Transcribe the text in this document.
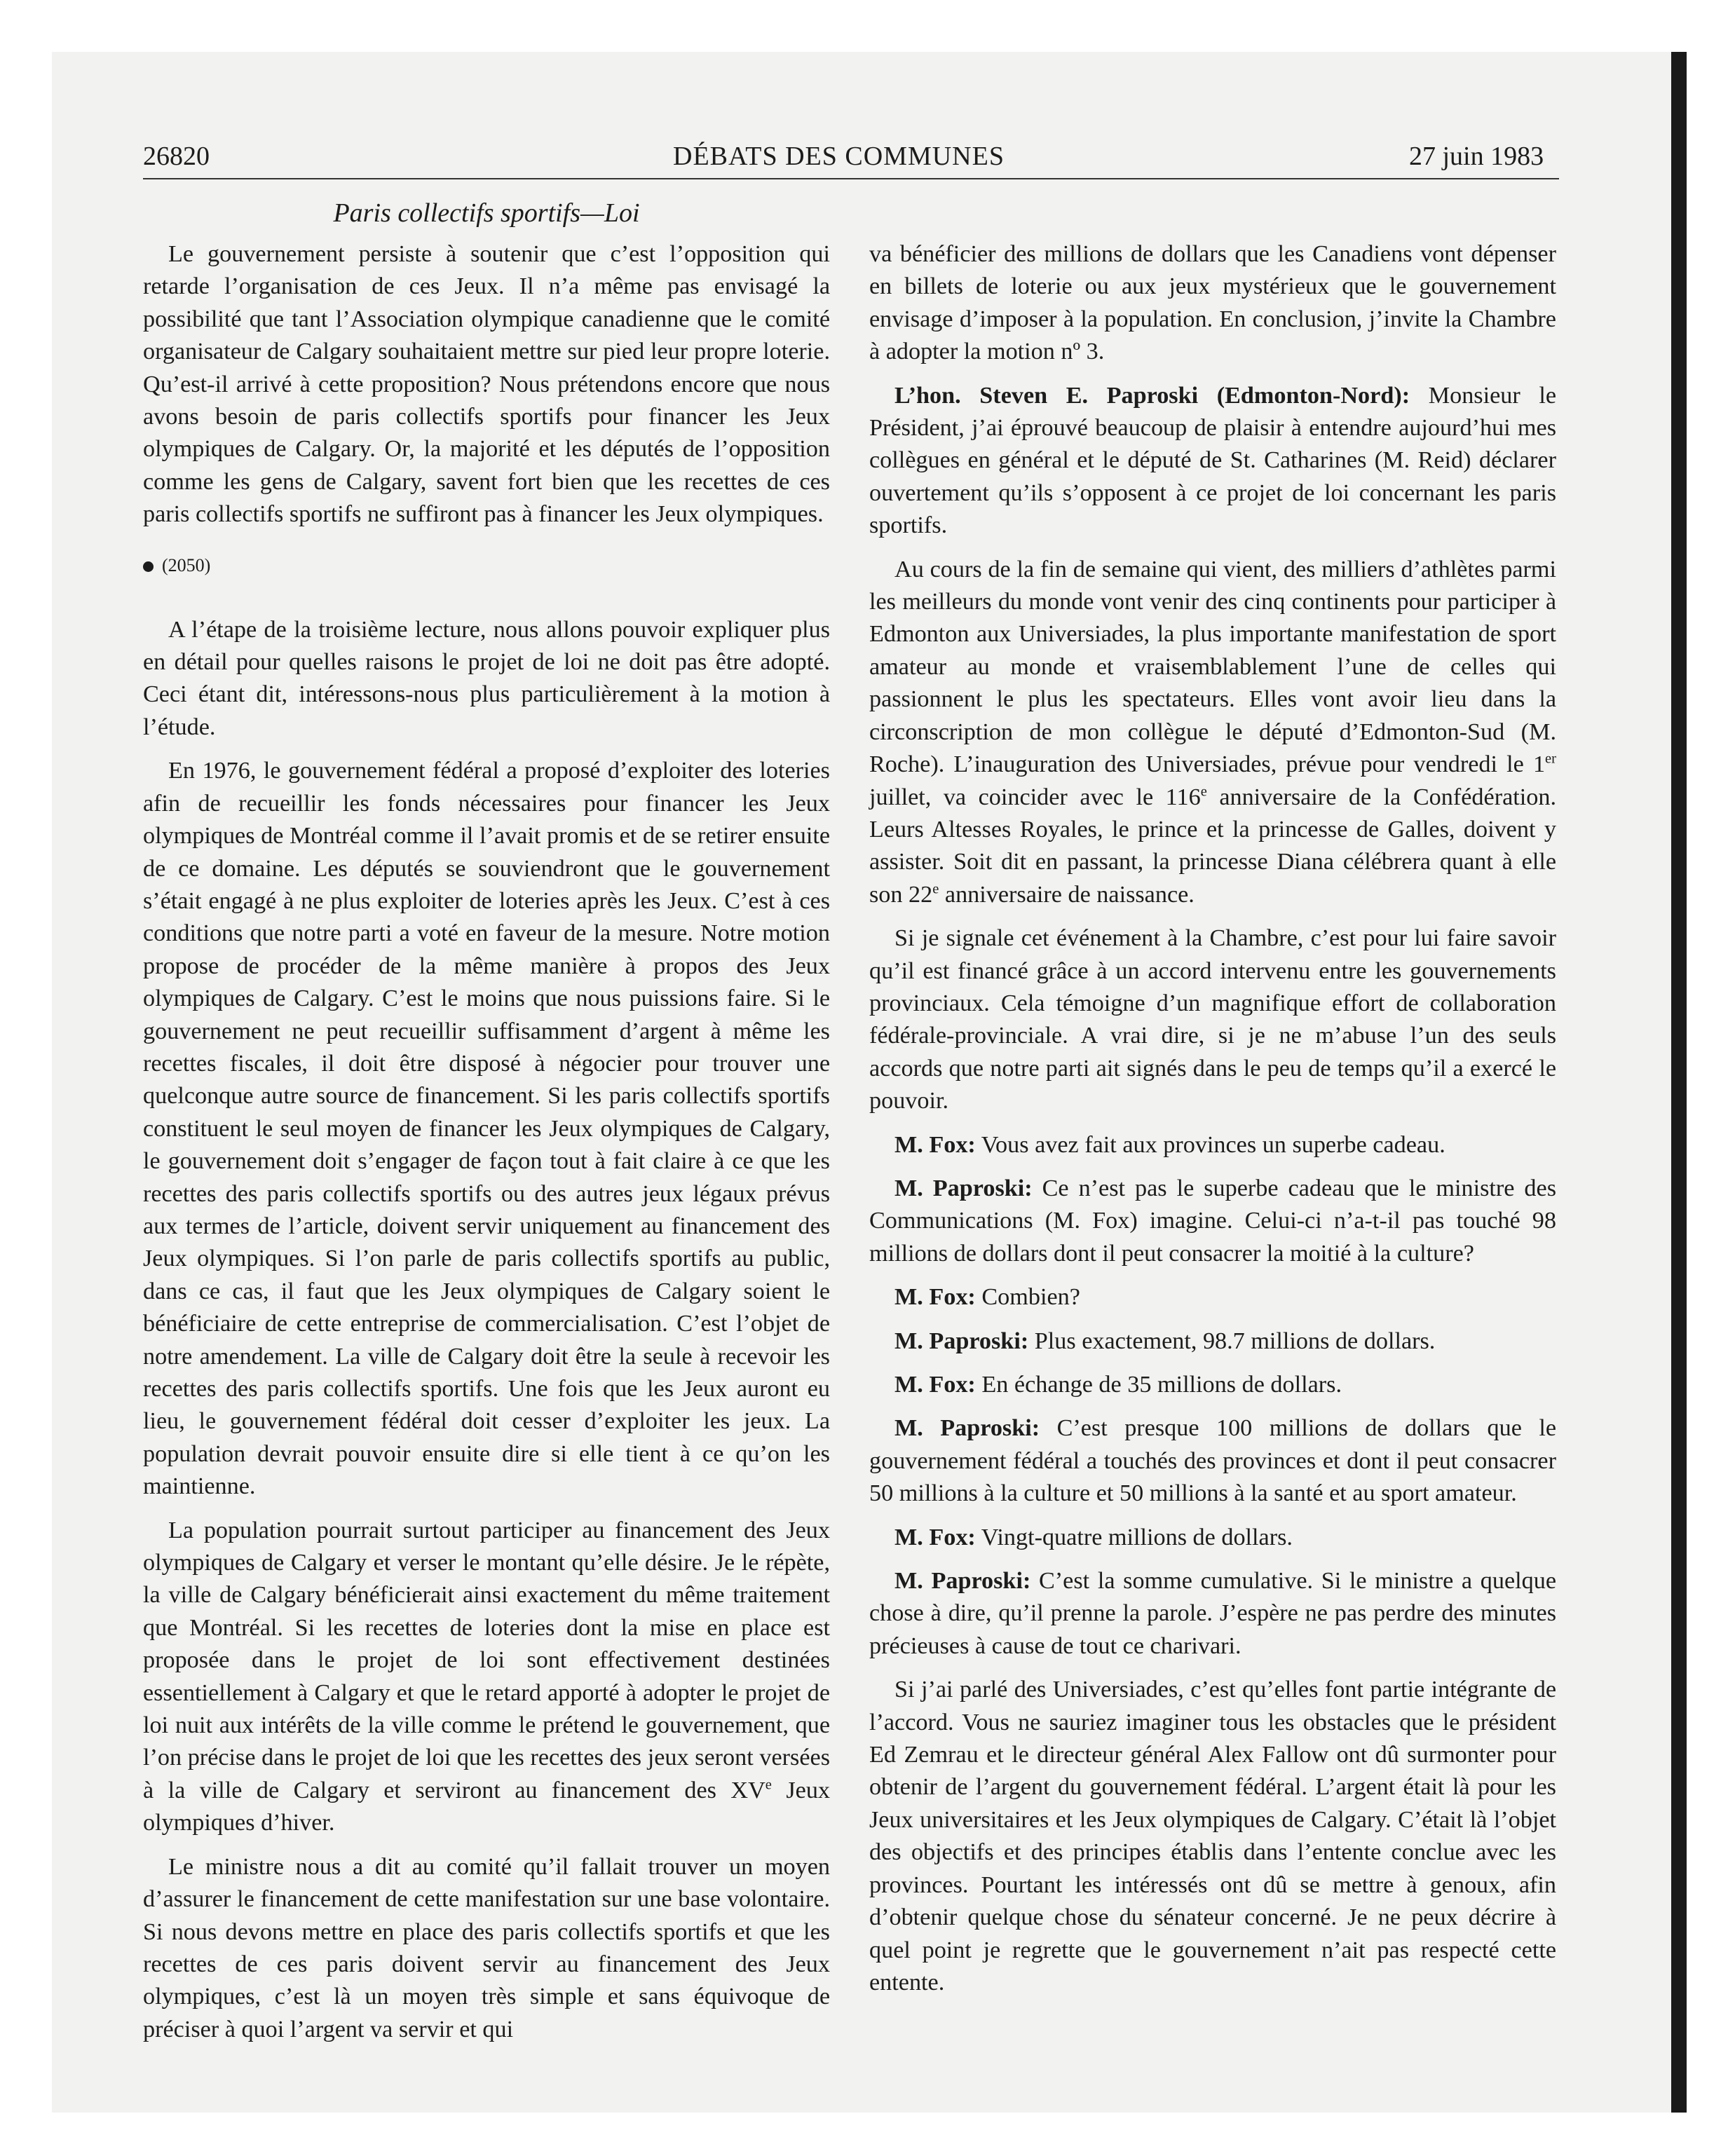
26820	DÉBATS DES COMMUNES	27 juin 1983
Paris collectifs sportifs—Loi

Le gouvernement persiste à soutenir que c’est l’opposition qui retarde l’organisation de ces Jeux. Il n’a même pas envisagé la possibilité que tant l’Association olympique canadienne que le comité organisateur de Calgary souhaitaient mettre sur pied leur propre loterie. Qu’est-il arrivé à cette proposition? Nous prétendons encore que nous avons besoin de paris collectifs sportifs pour financer les Jeux olympiques de Calgary. Or, la majorité et les députés de l’opposition comme les gens de Calgary, savent fort bien que les recettes de ces paris collectifs sportifs ne suffiront pas à financer les Jeux olympiques.

(2050)

A l’étape de la troisième lecture, nous allons pouvoir expliquer plus en détail pour quelles raisons le projet de loi ne doit pas être adopté. Ceci étant dit, intéressons-nous plus particulièrement à la motion à l’étude.

En 1976, le gouvernement fédéral a proposé d’exploiter des loteries afin de recueillir les fonds nécessaires pour financer les Jeux olympiques de Montréal comme il l’avait promis et de se retirer ensuite de ce domaine. Les députés se souviendront que le gouvernement s’était engagé à ne plus exploiter de loteries après les Jeux. C’est à ces conditions que notre parti a voté en faveur de la mesure. Notre motion propose de procéder de la même manière à propos des Jeux olympiques de Calgary. C’est le moins que nous puissions faire. Si le gouvernement ne peut recueillir suffisamment d’argent à même les recettes fiscales, il doit être disposé à négocier pour trouver une quelconque autre source de financement. Si les paris collectifs sportifs constituent le seul moyen de financer les Jeux olympiques de Calgary, le gouvernement doit s’engager de façon tout à fait claire à ce que les recettes des paris collectifs sportifs ou des autres jeux légaux prévus aux termes de l’article, doivent servir uniquement au financement des Jeux olympiques. Si l’on parle de paris collectifs sportifs au public, dans ce cas, il faut que les Jeux olympiques de Calgary soient le bénéficiaire de cette entreprise de commercialisation. C’est l’objet de notre amendement. La ville de Calgary doit être la seule à recevoir les recettes des paris collectifs sportifs. Une fois que les Jeux auront eu lieu, le gouvernement fédéral doit cesser d’exploiter les jeux. La population devrait pouvoir ensuite dire si elle tient à ce qu’on les maintienne.

La population pourrait surtout participer au financement des Jeux olympiques de Calgary et verser le montant qu’elle désire. Je le répète, la ville de Calgary bénéficierait ainsi exactement du même traitement que Montréal. Si les recettes de loteries dont la mise en place est proposée dans le projet de loi sont effectivement destinées essentiellement à Calgary et que le retard apporté à adopter le projet de loi nuit aux intérêts de la ville comme le prétend le gouvernement, que l’on précise dans le projet de loi que les recettes des jeux seront versées à la ville de Calgary et serviront au financement des XVe Jeux olympiques d’hiver.

Le ministre nous a dit au comité qu’il fallait trouver un moyen d’assurer le financement de cette manifestation sur une base volontaire. Si nous devons mettre en place des paris collectifs sportifs et que les recettes de ces paris doivent servir au financement des Jeux olympiques, c’est là un moyen très simple et sans équivoque de préciser à quoi l’argent va servir et qui

va bénéficier des millions de dollars que les Canadiens vont dépenser en billets de loterie ou aux jeux mystérieux que le gouvernement envisage d’imposer à la population. En conclusion, j’invite la Chambre à adopter la motion nº 3.

L’hon. Steven E. Paproski (Edmonton-Nord): Monsieur le Président, j’ai éprouvé beaucoup de plaisir à entendre aujourd’hui mes collègues en général et le député de St. Catharines (M. Reid) déclarer ouvertement qu’ils s’opposent à ce projet de loi concernant les paris sportifs.

Au cours de la fin de semaine qui vient, des milliers d’athlètes parmi les meilleurs du monde vont venir des cinq continents pour participer à Edmonton aux Universiades, la plus importante manifestation de sport amateur au monde et vraisemblablement l’une de celles qui passionnent le plus les spectateurs. Elles vont avoir lieu dans la circonscription de mon collègue le député d’Edmonton-Sud (M. Roche). L’inauguration des Universiades, prévue pour vendredi le 1er juillet, va coincider avec le 116e anniversaire de la Confédération. Leurs Altesses Royales, le prince et la princesse de Galles, doivent y assister. Soit dit en passant, la princesse Diana célébrera quant à elle son 22e anniversaire de naissance.

Si je signale cet événement à la Chambre, c’est pour lui faire savoir qu’il est financé grâce à un accord intervenu entre les gouvernements provinciaux. Cela témoigne d’un magnifique effort de collaboration fédérale-provinciale. A vrai dire, si je ne m’abuse l’un des seuls accords que notre parti ait signés dans le peu de temps qu’il a exercé le pouvoir.

M. Fox: Vous avez fait aux provinces un superbe cadeau.

M. Paproski: Ce n’est pas le superbe cadeau que le ministre des Communications (M. Fox) imagine. Celui-ci n’a-t-il pas touché 98 millions de dollars dont il peut consacrer la moitié à la culture?

M. Fox: Combien?

M. Paproski: Plus exactement, 98.7 millions de dollars.

M. Fox: En échange de 35 millions de dollars.

M. Paproski: C’est presque 100 millions de dollars que le gouvernement fédéral a touchés des provinces et dont il peut consacrer 50 millions à la culture et 50 millions à la santé et au sport amateur.

M. Fox: Vingt-quatre millions de dollars.

M. Paproski: C’est la somme cumulative. Si le ministre a quelque chose à dire, qu’il prenne la parole. J’espère ne pas perdre des minutes précieuses à cause de tout ce charivari.

Si j’ai parlé des Universiades, c’est qu’elles font partie intégrante de l’accord. Vous ne sauriez imaginer tous les obstacles que le président Ed Zemrau et le directeur général Alex Fallow ont dû surmonter pour obtenir de l’argent du gouvernement fédéral. L’argent était là pour les Jeux universitaires et les Jeux olympiques de Calgary. C’était là l’objet des objectifs et des principes établis dans l’entente conclue avec les provinces. Pourtant les intéressés ont dû se mettre à genoux, afin d’obtenir quelque chose du sénateur concerné. Je ne peux décrire à quel point je regrette que le gouvernement n’ait pas respecté cette entente.
